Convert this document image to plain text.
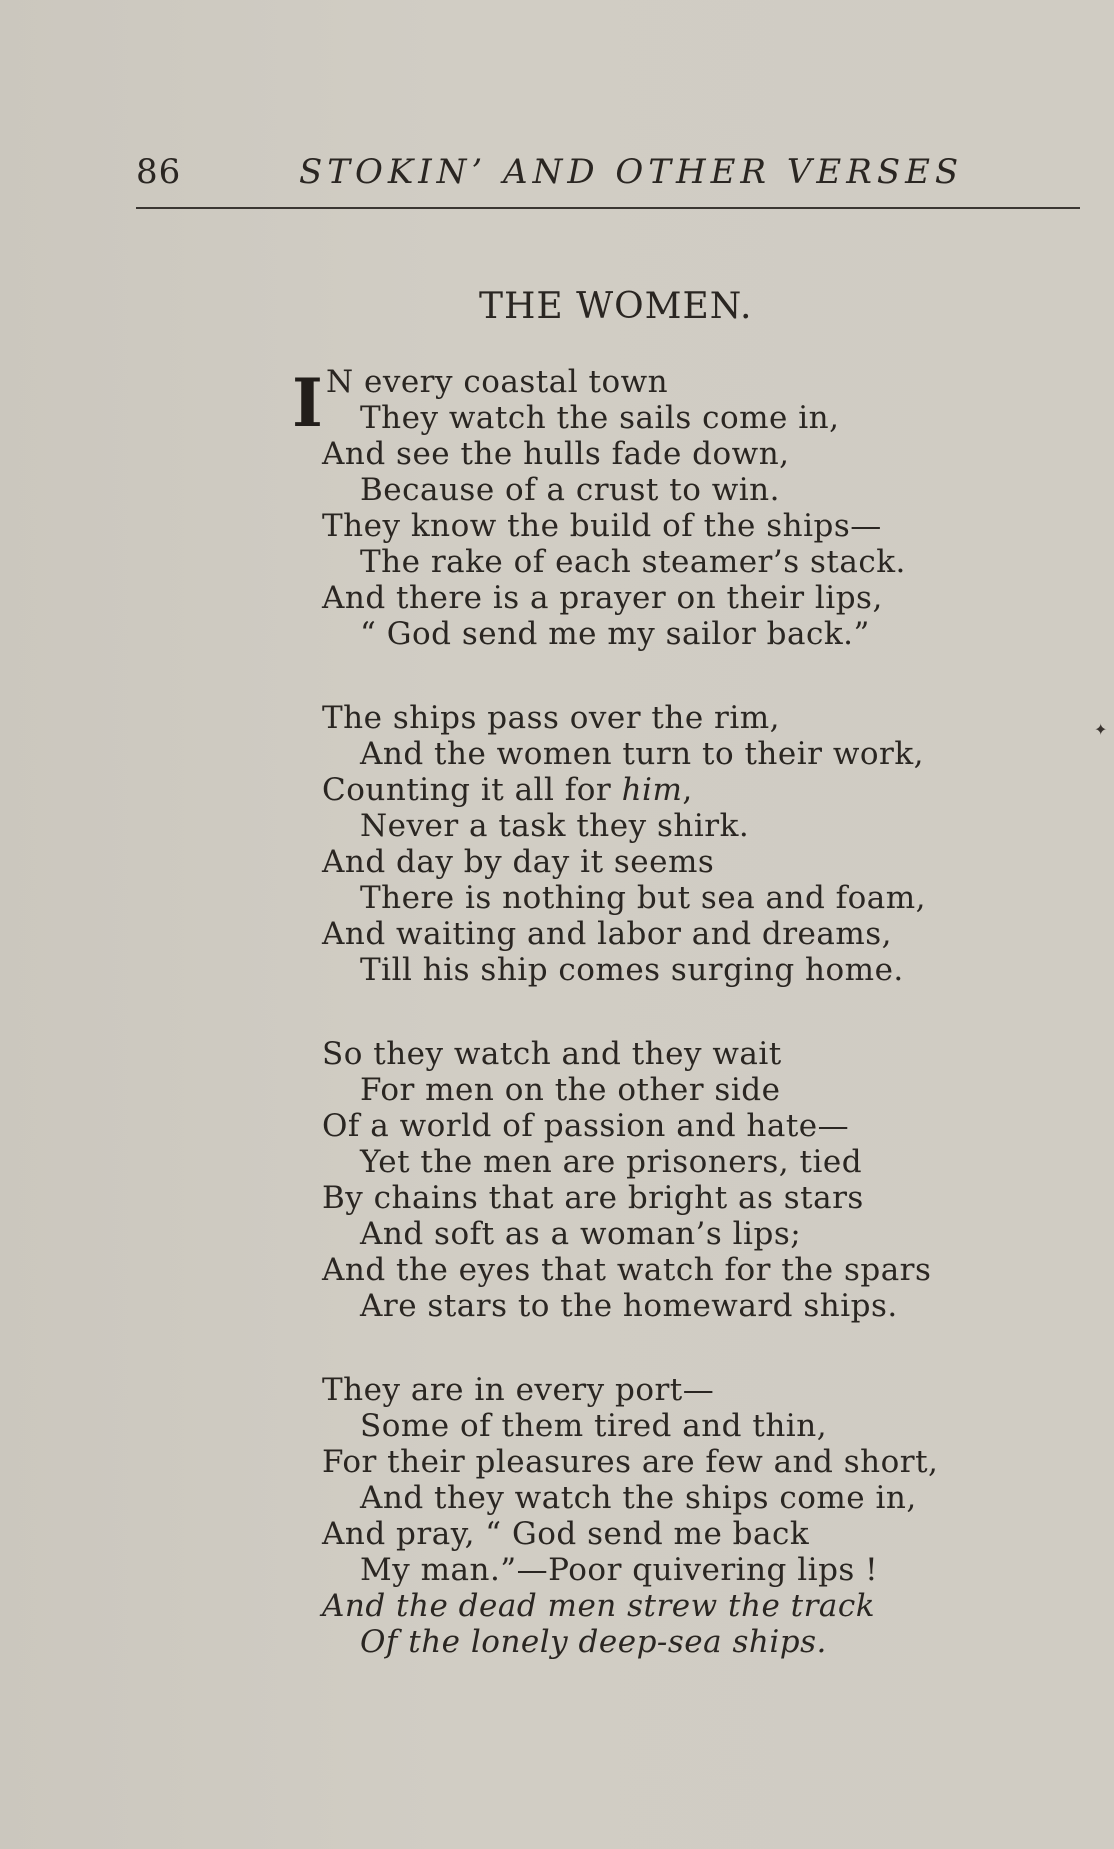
86	STOKIN’ AND OTHER VERSES
THE WOMEN.
I N every coastal town
They watch the sails come in,
And see the hulls fade down,
Because of a crust to win.
They know the build of the ships—
The rake of each steamer’s stack.
And there is a prayer on their lips,
“ God send me my sailor back.”
The ships pass over the rim,
And the women turn to their work,
Counting it all for him,
Never a task they shirk.
And day by day it seems
There is nothing but sea and foam,
And waiting and labor and dreams,
Till his ship comes surging home.
So they watch and they wait
For men on the other side
Of a world of passion and hate—
Yet the men are prisoners, tied
By chains that are bright as stars
And soft as a woman’s lips;
And the eyes that watch for the spars
Are stars to the homeward ships.
They are in every port—
Some of them tired and thin,
For their pleasures are few and short,
And they watch the ships come in,
And pray, “ God send me back
My man.”—Poor quivering lips !
And the dead men strew the track
Of the lonely deep-sea ships.
✦
